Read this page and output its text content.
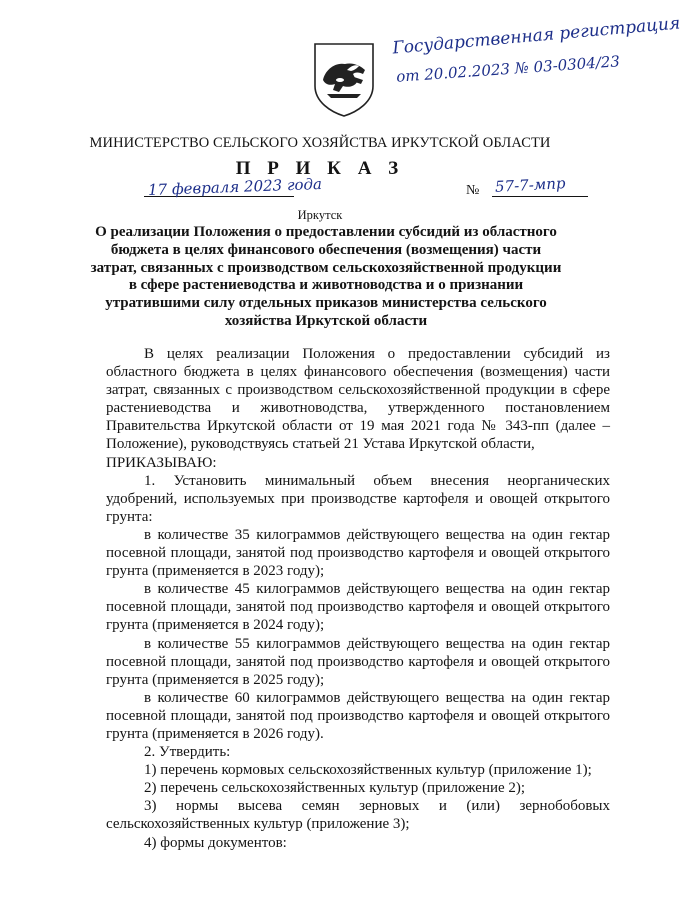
Государственная регистрация
от 20.02.2023 № 03-0304/23
МИНИСТЕРСТВО СЕЛЬСКОГО ХОЗЯЙСТВА ИРКУТСКОЙ ОБЛАСТИ
П Р И К А З
17 февраля 2023 года	№ 57-7-мпр
Иркутск
О реализации Положения о предоставлении субсидий из областного бюджета в целях финансового обеспечения (возмещения) части затрат, связанных с производством сельскохозяйственной продукции в сфере растениеводства и животноводства и о признании утратившими силу отдельных приказов министерства сельского хозяйства Иркутской области

В целях реализации Положения о предоставлении субсидий из областного бюджета в целях финансового обеспечения (возмещения) части затрат, связанных с производством сельскохозяйственной продукции в сфере растениеводства и животноводства, утвержденного постановлением Правительства Иркутской области от 19 мая 2021 года № 343-пп (далее – Положение), руководствуясь статьей 21 Устава Иркутской области,

ПРИКАЗЫВАЮ:

1. Установить минимальный объем внесения неорганических удобрений, используемых при производстве картофеля и овощей открытого грунта:

в количестве 35 килограммов действующего вещества на один гектар посевной площади, занятой под производство картофеля и овощей открытого грунта (применяется в 2023 году);

в количестве 45 килограммов действующего вещества на один гектар посевной площади, занятой под производство картофеля и овощей открытого грунта (применяется в 2024 году);

в количестве 55 килограммов действующего вещества на один гектар посевной площади, занятой под производство картофеля и овощей открытого грунта (применяется в 2025 году);

в количестве 60 килограммов действующего вещества на один гектар посевной площади, занятой под производство картофеля и овощей открытого грунта (применяется в 2026 году).

2. Утвердить:

1) перечень кормовых сельскохозяйственных культур (приложение 1);

2) перечень сельскохозяйственных культур (приложение 2);

3) нормы высева семян зерновых и (или) зернобобовых сельскохозяйственных культур (приложение 3);

4) формы документов:
